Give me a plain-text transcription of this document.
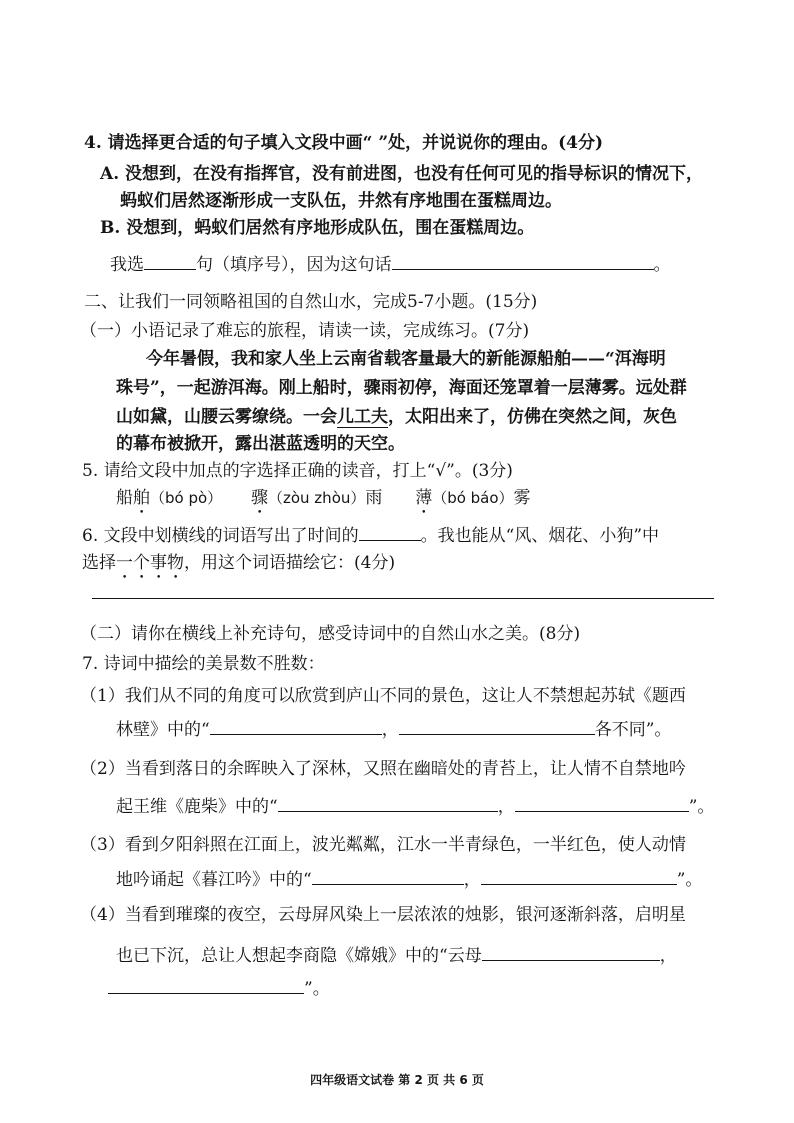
4. 请选择更合适的句子填入文段中画“ ”处，并说说你的理由。(4分)
A. 没想到，在没有指挥官，没有前进图，也没有任何可见的指导标识的情况下，
蚂蚁们居然逐渐形成一支队伍，井然有序地围在蛋糕周边。
B. 没想到，蚂蚁们居然有序地形成队伍，围在蛋糕周边。
我选	句（填序号），因为这句话	。
二、让我们一同领略祖国的自然山水，完成5-7小题。(15分)
（一）小语记录了难忘的旅程，请读一读，完成练习。(7分)
今年暑假，我和家人坐上云南省载客量最大的新能源船舶——“洱海明
珠号”，一起游洱海。刚上船时，骤雨初停，海面还笼罩着一层薄雾。远处群
山如黛，山腰云雾缭绕。一会儿工夫，太阳出来了，仿佛在突然之间，灰色
的幕布被掀开，露出湛蓝透明的天空。
5. 请给文段中加点的字选择正确的读音，打上“√”。(3分)
船舶（bó pò） 骤（zòu zhòu）雨 薄（bó báo）雾
6. 文段中划横线的词语写出了时间的	。我也能从“风、烟花、小狗”中
选择一个事物，用这个词语描绘它：(4分)
（二）请你在横线上补充诗句，感受诗词中的自然山水之美。(8分)
7. 诗词中描绘的美景数不胜数：
（1）我们从不同的角度可以欣赏到庐山不同的景色，这让人不禁想起苏轼《题西
林壁》中的“	，	各不同”。
（2）当看到落日的余晖映入了深林，又照在幽暗处的青苔上，让人情不自禁地吟
起王维《鹿柴》中的“	，	”。
（3）看到夕阳斜照在江面上，波光粼粼，江水一半青绿色，一半红色，使人动情
地吟诵起《暮江吟》中的“	，	”。
（4）当看到璀璨的夜空，云母屏风染上一层浓浓的烛影，银河逐渐斜落，启明星
也已下沉，总让人想起李商隐《嫦娥》中的“云母	，
”。
四年级语文试卷 第 2 页 共 6 页
